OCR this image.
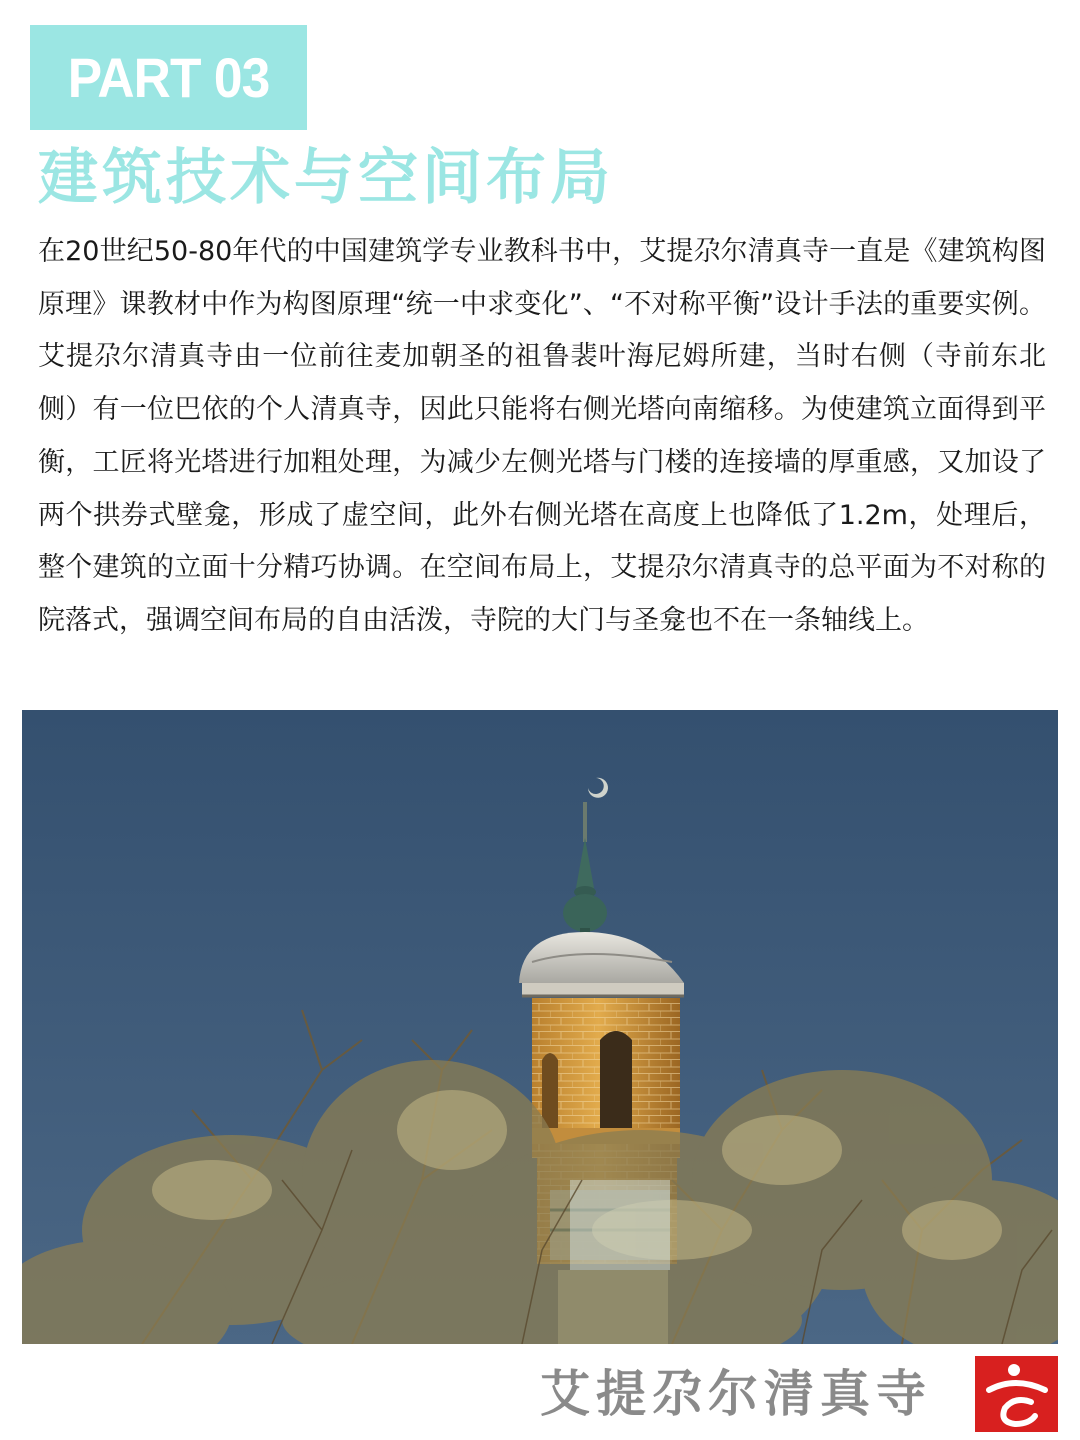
PART 03
建筑技术与空间布局

在20世纪50-80年代的中国建筑学专业教科书中，艾提尕尔清真寺一直是《建筑构图原理》课教材中作为构图原理“统一中求变化”、“不对称平衡”设计手法的重要实例。艾提尕尔清真寺由一位前往麦加朝圣的祖鲁裴叶海尼姆所建，当时右侧（寺前东北侧）有一位巴依的个人清真寺，因此只能将右侧光塔向南缩移。为使建筑立面得到平衡，工匠将光塔进行加粗处理，为减少左侧光塔与门楼的连接墙的厚重感，又加设了两个拱券式壁龛，形成了虚空间，此外右侧光塔在高度上也降低了1.2m，处理后，整个建筑的立面十分精巧协调。在空间布局上，艾提尕尔清真寺的总平面为不对称的院落式，强调空间布局的自由活泼，寺院的大门与圣龛也不在一条轴线上。

艾提尕尔清真寺
